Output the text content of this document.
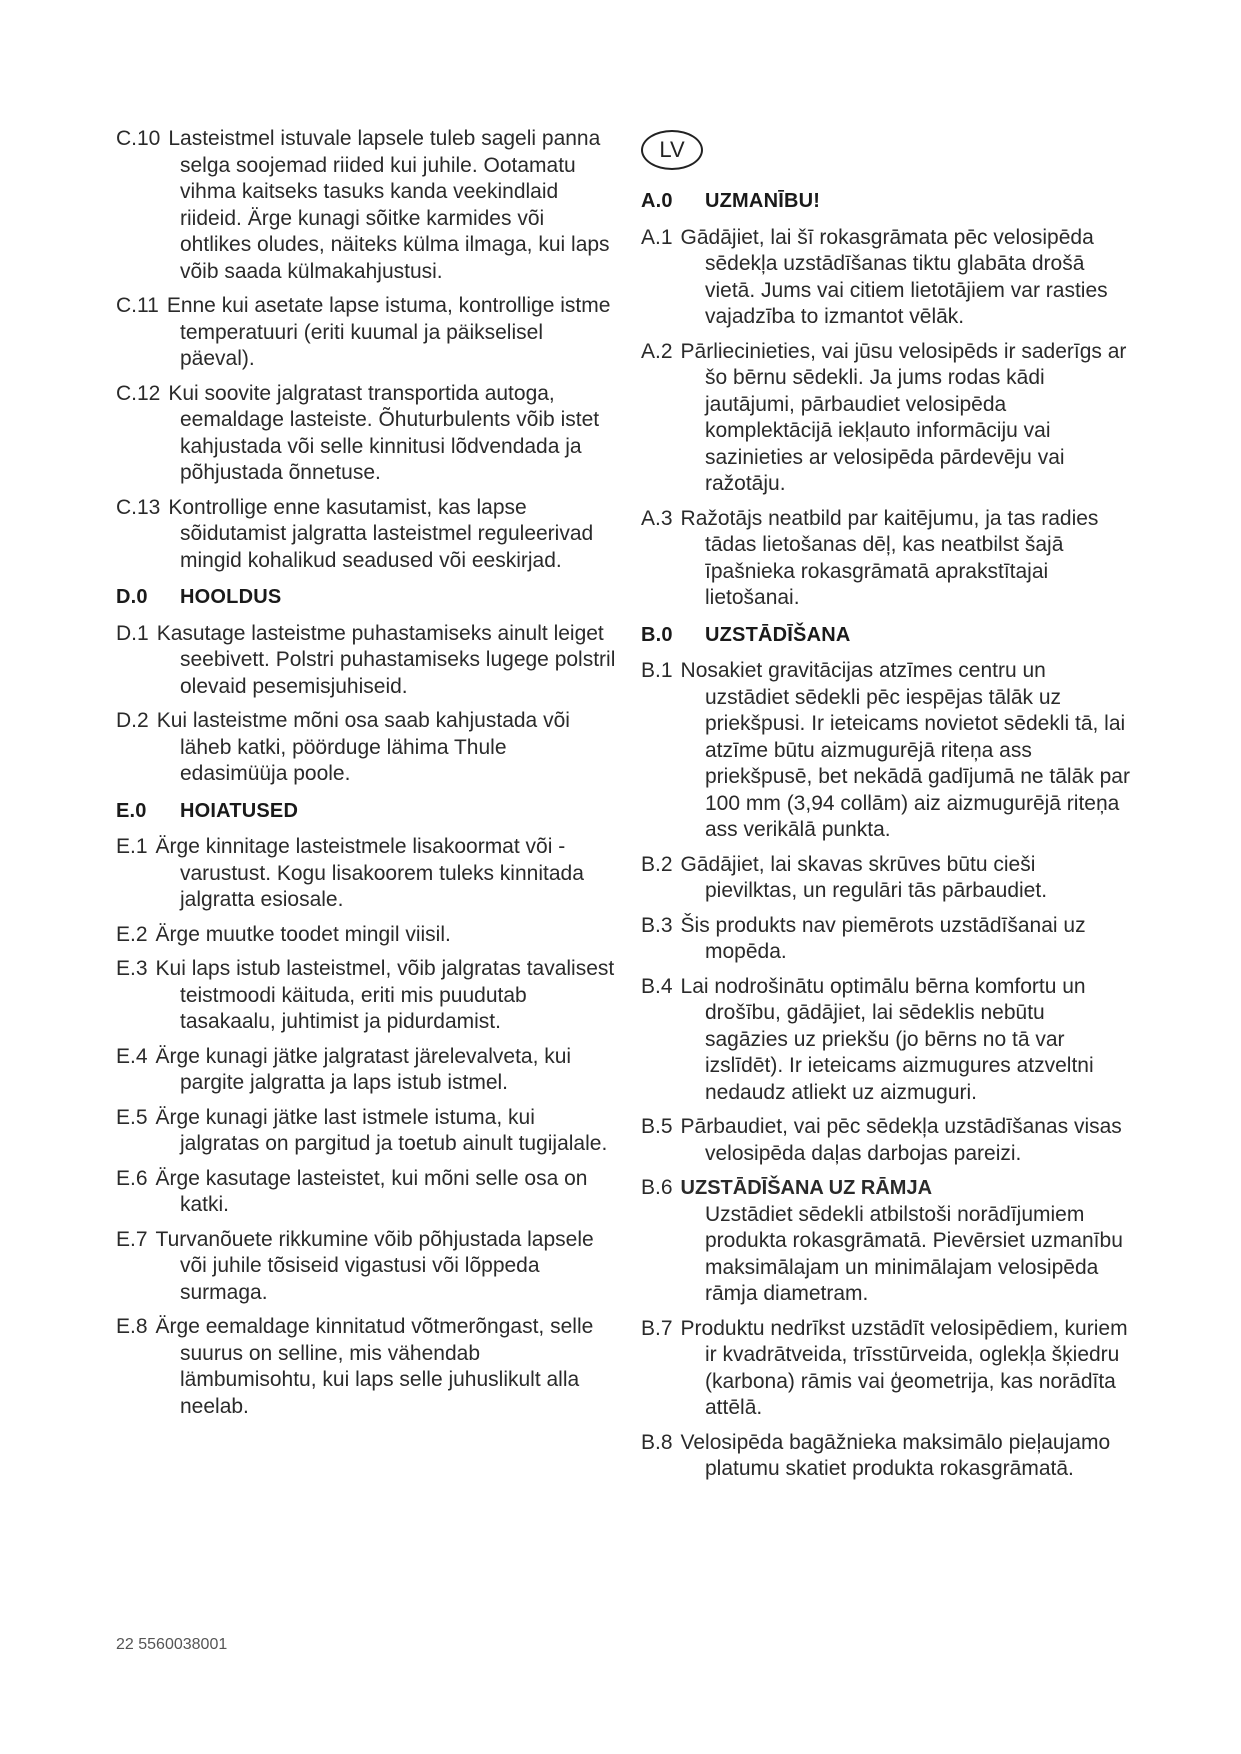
C.10 Lasteistmel istuvale lapsele tuleb sageli panna selga soojemad riided kui juhile. Ootamatu vihma kaitseks tasuks kanda veekindlaid riideid. Ärge kunagi sõitke karmides või ohtlikes oludes, näiteks külma ilmaga, kui laps võib saada külmakahjustusi.
C.11 Enne kui asetate lapse istuma, kontrollige istme temperatuuri (eriti kuumal ja päikselisel päeval).
C.12 Kui soovite jalgratast transportida autoga, eemaldage lasteiste. Õhuturbulents võib istet kahjustada või selle kinnitusi lõdvendada ja põhjustada õnnetuse.
C.13 Kontrollige enne kasutamist, kas lapse sõidutamist jalgratta lasteistmel reguleerivad mingid kohalikud seadused või eeskirjad.
D.0 HOOLDUS
D.1 Kasutage lasteistme puhastamiseks ainult leiget seebivett. Polstri puhastamiseks lugege polstril olevaid pesemisjuhiseid.
D.2 Kui lasteistme mõni osa saab kahjustada või läheb katki, pöörduge lähima Thule edasimüüja poole.
E.0 HOIATUSED
E.1 Ärge kinnitage lasteistmele lisakoormat või -varustust. Kogu lisakoorem tuleks kinnitada jalgratta esiosale.
E.2 Ärge muutke toodet mingil viisil.
E.3 Kui laps istub lasteistmel, võib jalgratas tavalisest teistmoodi käituda, eriti mis puudutab tasakaalu, juhtimist ja pidurdamist.
E.4 Ärge kunagi jätke jalgratast järelevalveta, kui pargite jalgratta ja laps istub istmel.
E.5 Ärge kunagi jätke last istmele istuma, kui jalgratas on pargitud ja toetub ainult tugijalale.
E.6 Ärge kasutage lasteistet, kui mõni selle osa on katki.
E.7 Turvanõuete rikkumine võib põhjustada lapsele või juhile tõsiseid vigastusi või lõppeda surmaga.
E.8 Ärge eemaldage kinnitatud võtmerõngast, selle suurus on selline, mis vähendab lämbumisohtu, kui laps selle juhuslikult alla neelab.
LV
A.0 UZMANĪBU!
A.1 Gādājiet, lai šī rokasgrāmata pēc velosipēda sēdekļa uzstādīšanas tiktu glabāta drošā vietā. Jums vai citiem lietotājiem var rasties vajadzība to izmantot vēlāk.
A.2 Pārliecinieties, vai jūsu velosipēds ir saderīgs ar šo bērnu sēdekli. Ja jums rodas kādi jautājumi, pārbaudiet velosipēda komplektācijā iekļauto informāciju vai sazinieties ar velosipēda pārdevēju vai ražotāju.
A.3 Ražotājs neatbild par kaitējumu, ja tas radies tādas lietošanas dēļ, kas neatbilst šajā īpašnieka rokasgrāmatā aprakstītajai lietošanai.
B.0 UZSTĀDĪŠANA
B.1 Nosakiet gravitācijas atzīmes centru un uzstādiet sēdekli pēc iespējas tālāk uz priekšpusi. Ir ieteicams novietot sēdekli tā, lai atzīme būtu aizmugurējā riteņa ass priekšpusē, bet nekādā gadījumā ne tālāk par 100 mm (3,94 collām) aiz aizmugurējā riteņa ass verikālā punkta.
B.2 Gādājiet, lai skavas skrūves būtu cieši pievilktas, un regulāri tās pārbaudiet.
B.3 Šis produkts nav piemērots uzstādīšanai uz mopēda.
B.4 Lai nodrošinātu optimālu bērna komfortu un drošību, gādājiet, lai sēdeklis nebūtu sagāzies uz priekšu (jo bērns no tā var izslīdēt). Ir ieteicams aizmugures atzveltni nedaudz atliekt uz aizmuguri.
B.5 Pārbaudiet, vai pēc sēdekļa uzstādīšanas visas velosipēda daļas darbojas pareizi.
B.6 UZSTĀDĪŠANA UZ RĀMJA
Uzstādiet sēdekli atbilstoši norādījumiem produkta rokasgrāmatā. Pievērsiet uzmanību maksimālajam un minimālajam velosipēda rāmja diametram.
B.7 Produktu nedrīkst uzstādīt velosipēdiem, kuriem ir kvadrātveida, trīsstūrveida, oglekļa šķiedru (karbona) rāmis vai ģeometrija, kas norādīta attēlā.
B.8 Velosipēda bagāžnieka maksimālo pieļaujamo platumu skatiet produkta rokasgrāmatā.
22 5560038001
